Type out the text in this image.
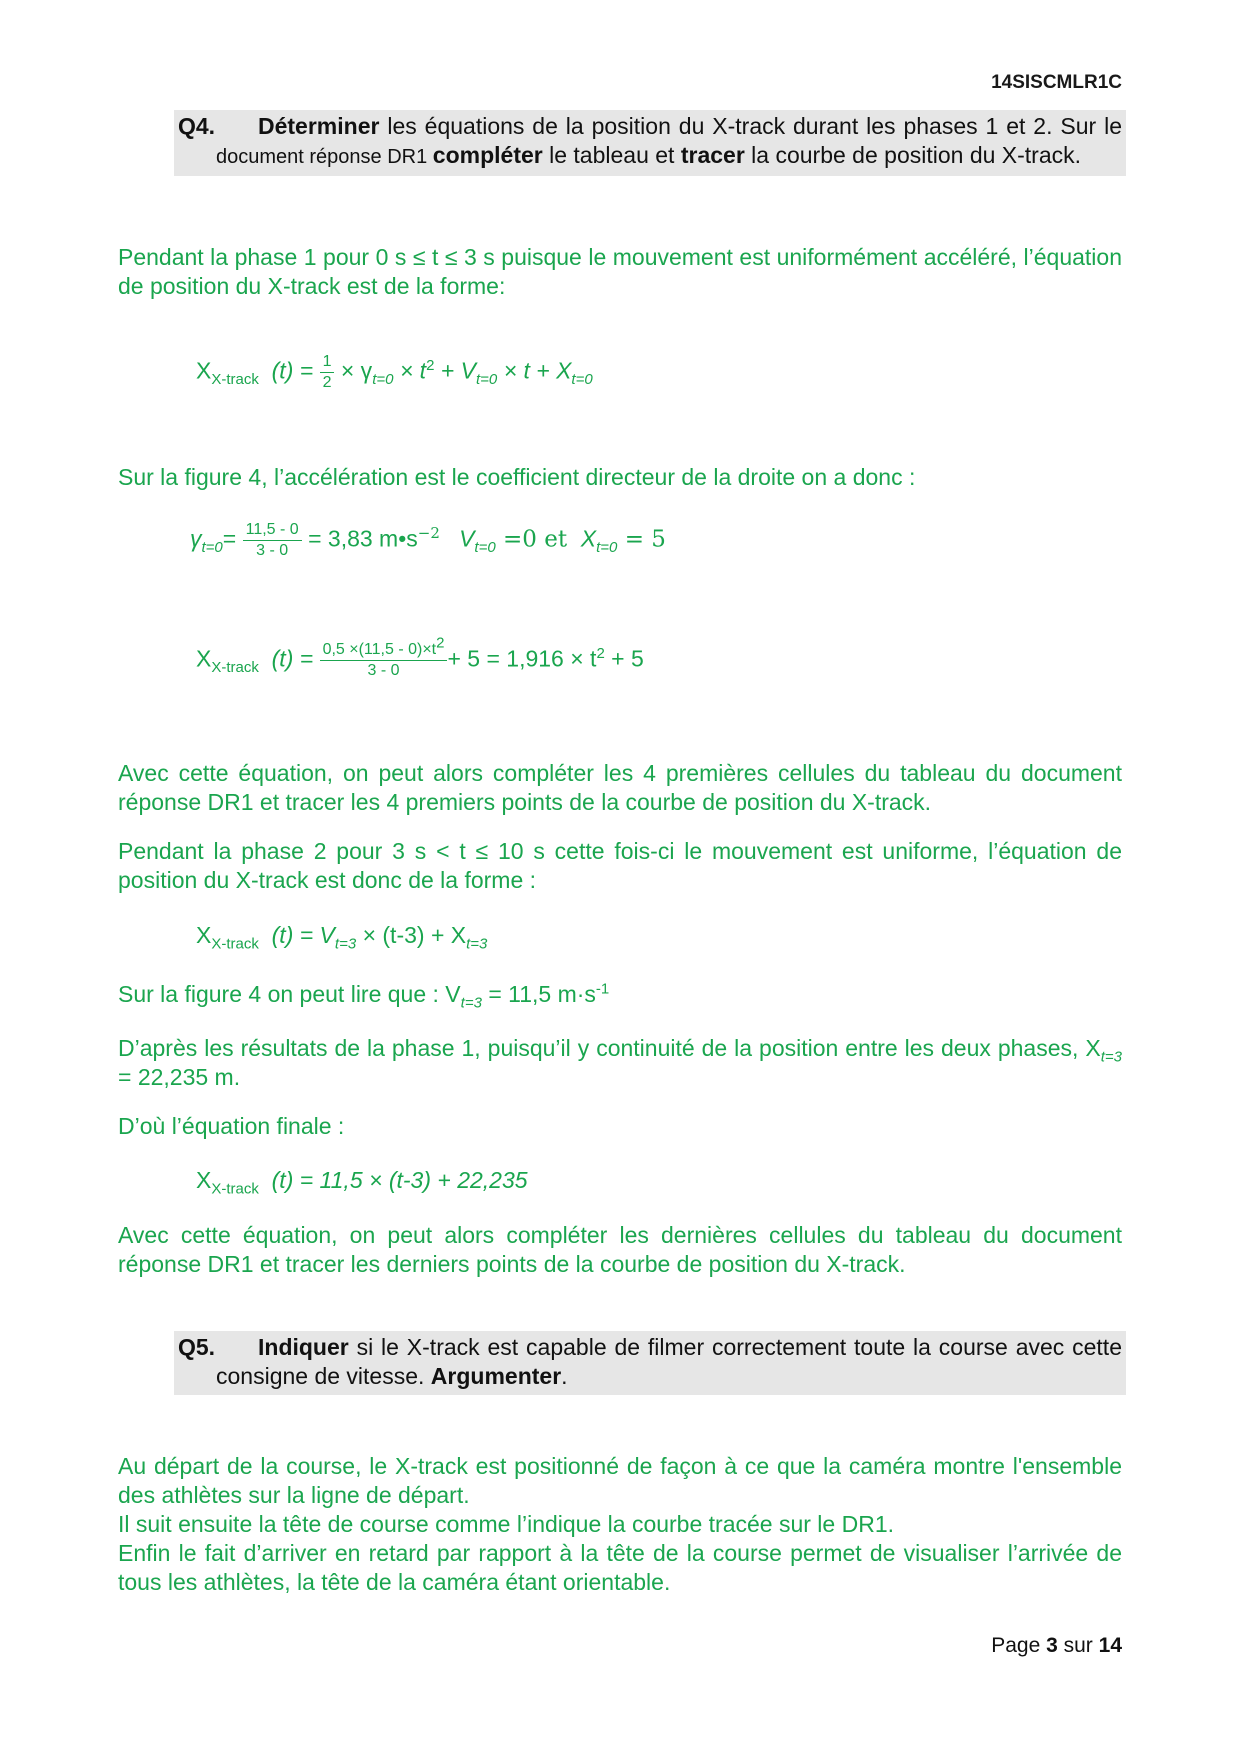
14SISCMLR1C
Q4.	Déterminer les équations de la position du X-track durant les phases 1 et 2. Sur le document réponse DR1 compléter le tableau et tracer la courbe de position du X-track.

Pendant la phase 1 pour 0 s ≤ t ≤ 3 s puisque le mouvement est uniformément accéléré, l’équation de position du X-track est de la forme:

$X_{X-track}$ $(t) = \frac{1}{2} \times \gamma_{t=0} \times t^2 + V_{t=0} \times t + X_{t=0}$

Sur la figure 4, l’accélération est le coefficient directeur de la droite on a donc :

$\gamma_{t=0}= \frac{11,5 - 0}{3 - 0} = 3,83$ $m•s^{-2}$ $V_{t=0} =0$ et  $X_{t=0} = 5$
$X_{X-track}$ $(t) = \frac{0,5 \times(11,5 - 0)\times t^2}{3 - 0} + 5 = 1,916 \times t^2 + 5$

Avec cette équation, on peut alors compléter les 4 premières cellules du tableau du document réponse DR1 et tracer les 4 premiers points de la courbe de position du X-track.

Pendant la phase 2 pour 3 s < t ≤ 10 s cette fois-ci le mouvement est uniforme, l’équation de position du X-track est donc de la forme :

$X_{X-track}$ $(t) = V_{t=3} \times (t-3) + X_{t=3}$

Sur la figure 4 on peut lire que : $V_{t=3} = 11,5$ $m\cdot s^{-1}$

D’après les résultats de la phase 1, puisqu’il y continuité de la position entre les deux phases, $X_{t=3} = 22,235$ m.

D’où l’équation finale :

$X_{X-track}$ (t) = 11,5 × (t-3) + 22,235

Avec cette équation, on peut alors compléter les dernières cellules du tableau du document réponse DR1 et tracer les derniers points de la courbe de position du X-track.

Q5.	Indiquer si le X-track est capable de filmer correctement toute la course avec cette consigne de vitesse. Argumenter.
Au départ de la course, le X-track est positionné de façon à ce que la caméra montre l'ensemble des athlètes sur la ligne de départ.
Il suit ensuite la tête de course comme l’indique la courbe tracée sur le DR1.
Enfin le fait d’arriver en retard par rapport à la tête de la course permet de visualiser l’arrivée de tous les athlètes, la tête de la caméra étant orientable.
Page 3 sur 14
